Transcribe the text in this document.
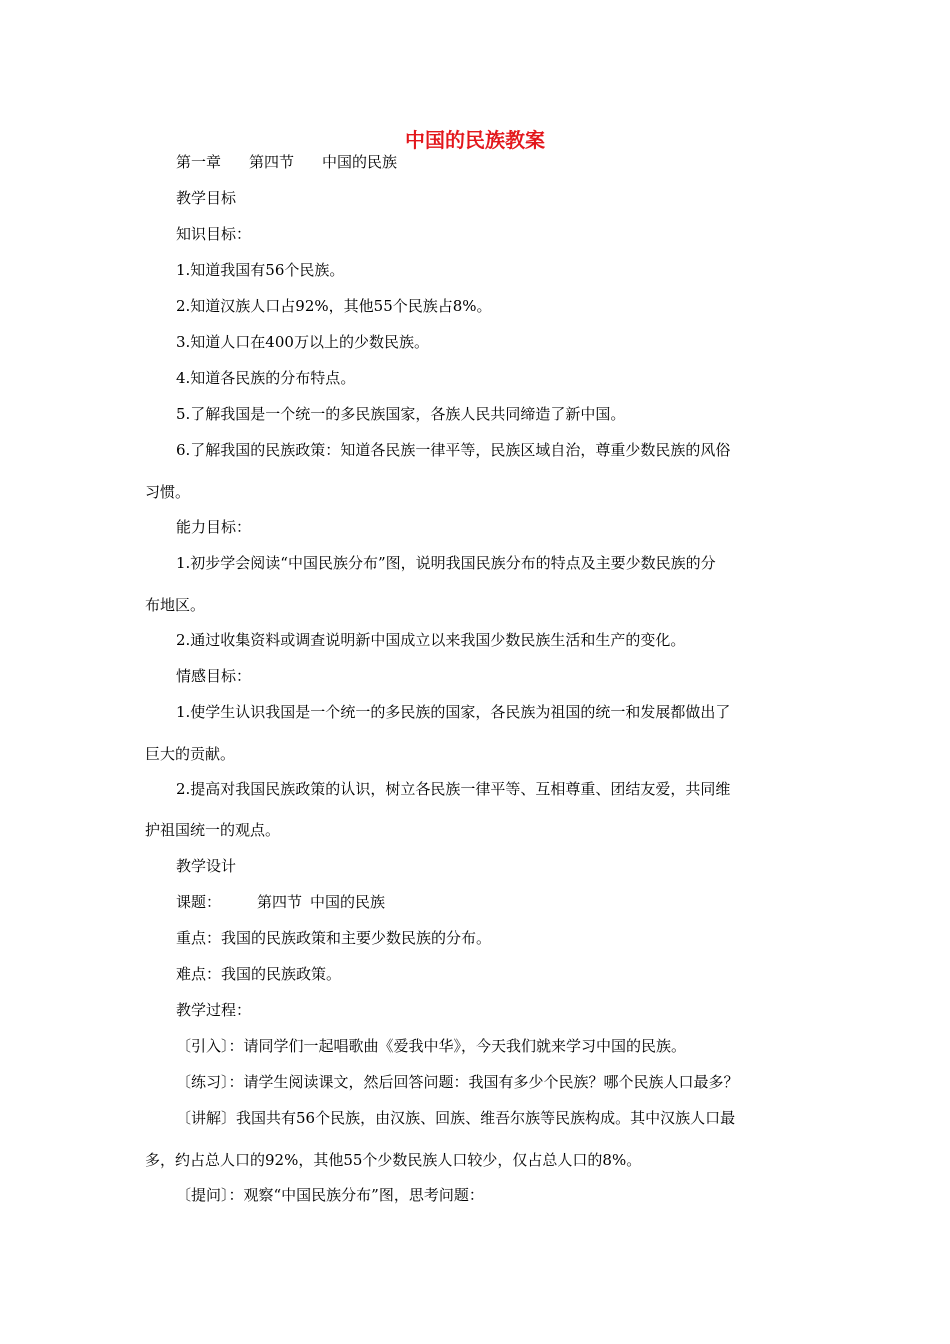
中国的民族教案
第一章 第四节 中国的民族
教学目标
知识目标：
1.知道我国有56个民族。
2.知道汉族人口占92%，其他55个民族占8%。
3.知道人口在400万以上的少数民族。
4.知道各民族的分布特点。
5.了解我国是一个统一的多民族国家，各族人民共同缔造了新中国。
6.了解我国的民族政策：知道各民族一律平等，民族区域自治，尊重少数民族的风俗
习惯。
能力目标：
1.初步学会阅读“中国民族分布”图，说明我国民族分布的特点及主要少数民族的分
布地区。
2.通过收集资料或调查说明新中国成立以来我国少数民族生活和生产的变化。
情感目标：
1.使学生认识我国是一个统一的多民族的国家，各民族为祖国的统一和发展都做出了
巨大的贡献。
2.提高对我国民族政策的认识，树立各民族一律平等、互相尊重、团结友爱，共同维
护祖国统一的观点。
教学设计
课题： 第四节 中国的民族
重点：我国的民族政策和主要少数民族的分布。
难点：我国的民族政策。
教学过程：
〔引入〕：请同学们一起唱歌曲《爱我中华》，今天我们就来学习中国的民族。
〔练习〕：请学生阅读课文，然后回答问题：我国有多少个民族？哪个民族人口最多？
〔讲解〕我国共有56个民族，由汉族、回族、维吾尔族等民族构成。其中汉族人口最
多，约占总人口的92%，其他55个少数民族人口较少，仅占总人口的8%。
〔提问〕：观察“中国民族分布”图，思考问题：
